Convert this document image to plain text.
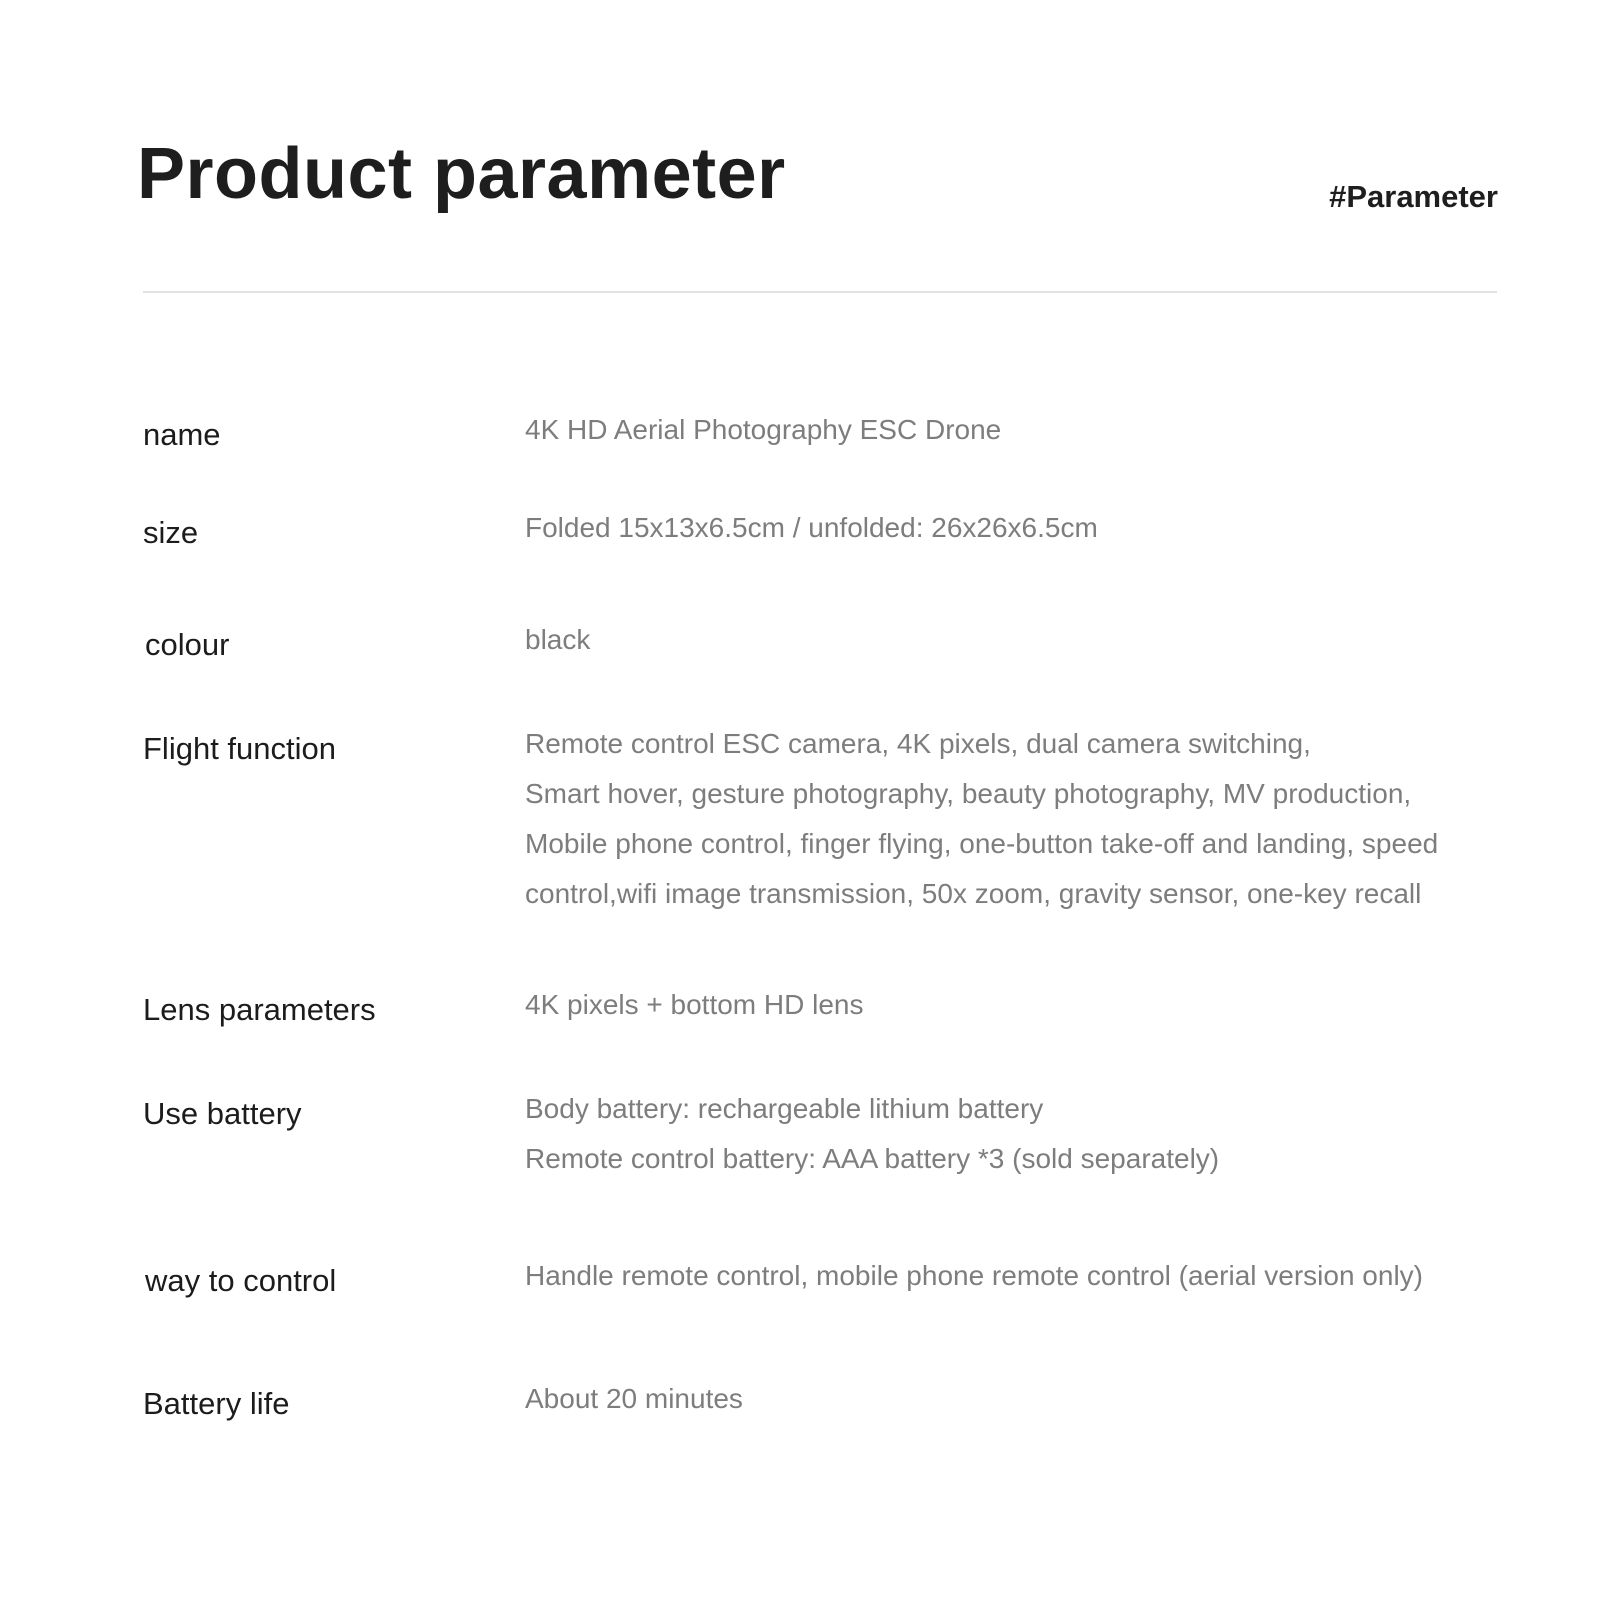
Product parameter	#Parameter
name	4K HD Aerial Photography ESC Drone
size	Folded 15x13x6.5cm / unfolded: 26x26x6.5cm
colour	black
Flight function	Remote control ESC camera, 4K pixels, dual camera switching,
Smart hover, gesture photography, beauty photography, MV production,
Mobile phone control, finger flying, one-button take-off and landing, speed
control,wifi image transmission, 50x zoom, gravity sensor, one-key recall
Lens parameters	4K pixels + bottom HD lens
Use battery	Body battery: rechargeable lithium battery
Remote control battery: AAA battery *3 (sold separately)
way to control	Handle remote control, mobile phone remote control (aerial version only)
Battery life	About 20 minutes
